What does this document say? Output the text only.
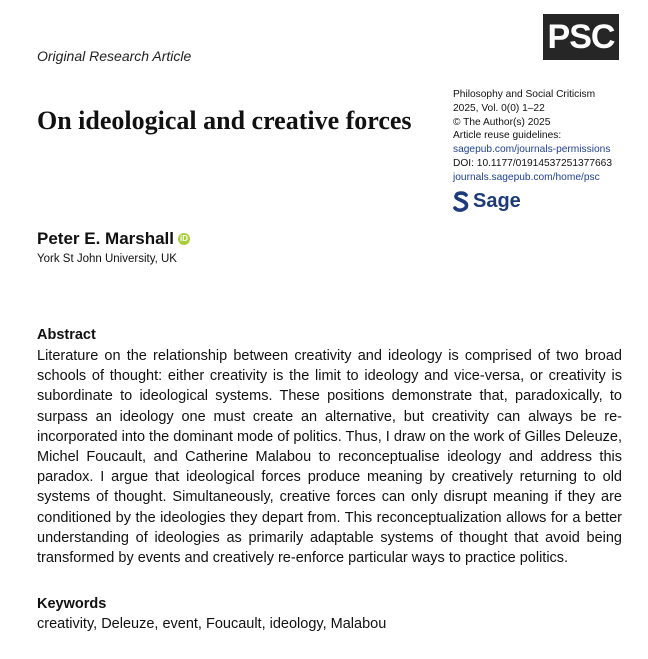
Original Research Article
PSC
On ideological and creative forces
Philosophy and Social Criticism
2025, Vol. 0(0) 1–22
© The Author(s) 2025
Article reuse guidelines:
sagepub.com/journals-permissions
DOI: 10.1177/01914537251377663
journals.sagepub.com/home/psc
Sage
Peter E. Marshall iD
York St John University, UK
Abstract
Literature on the relationship between creativity and ideology is comprised of two broad schools of thought: either creativity is the limit to ideology and vice-versa, or creativity is subordinate to ideological systems. These positions demonstrate that, paradoxically, to surpass an ideology one must create an alternative, but creativity can always be re-incorporated into the dominant mode of politics. Thus, I draw on the work of Gilles Deleuze, Michel Foucault, and Catherine Malabou to reconceptualise ideology and address this paradox. I argue that ideological forces produce meaning by creatively returning to old systems of thought. Simultaneously, creative forces can only disrupt meaning if they are conditioned by the ideologies they depart from. This reconceptualization allows for a better understanding of ideologies as primarily adaptable systems of thought that avoid being transformed by events and creatively re-enforce particular ways to practice politics.
Keywords
creativity, Deleuze, event, Foucault, ideology, Malabou
